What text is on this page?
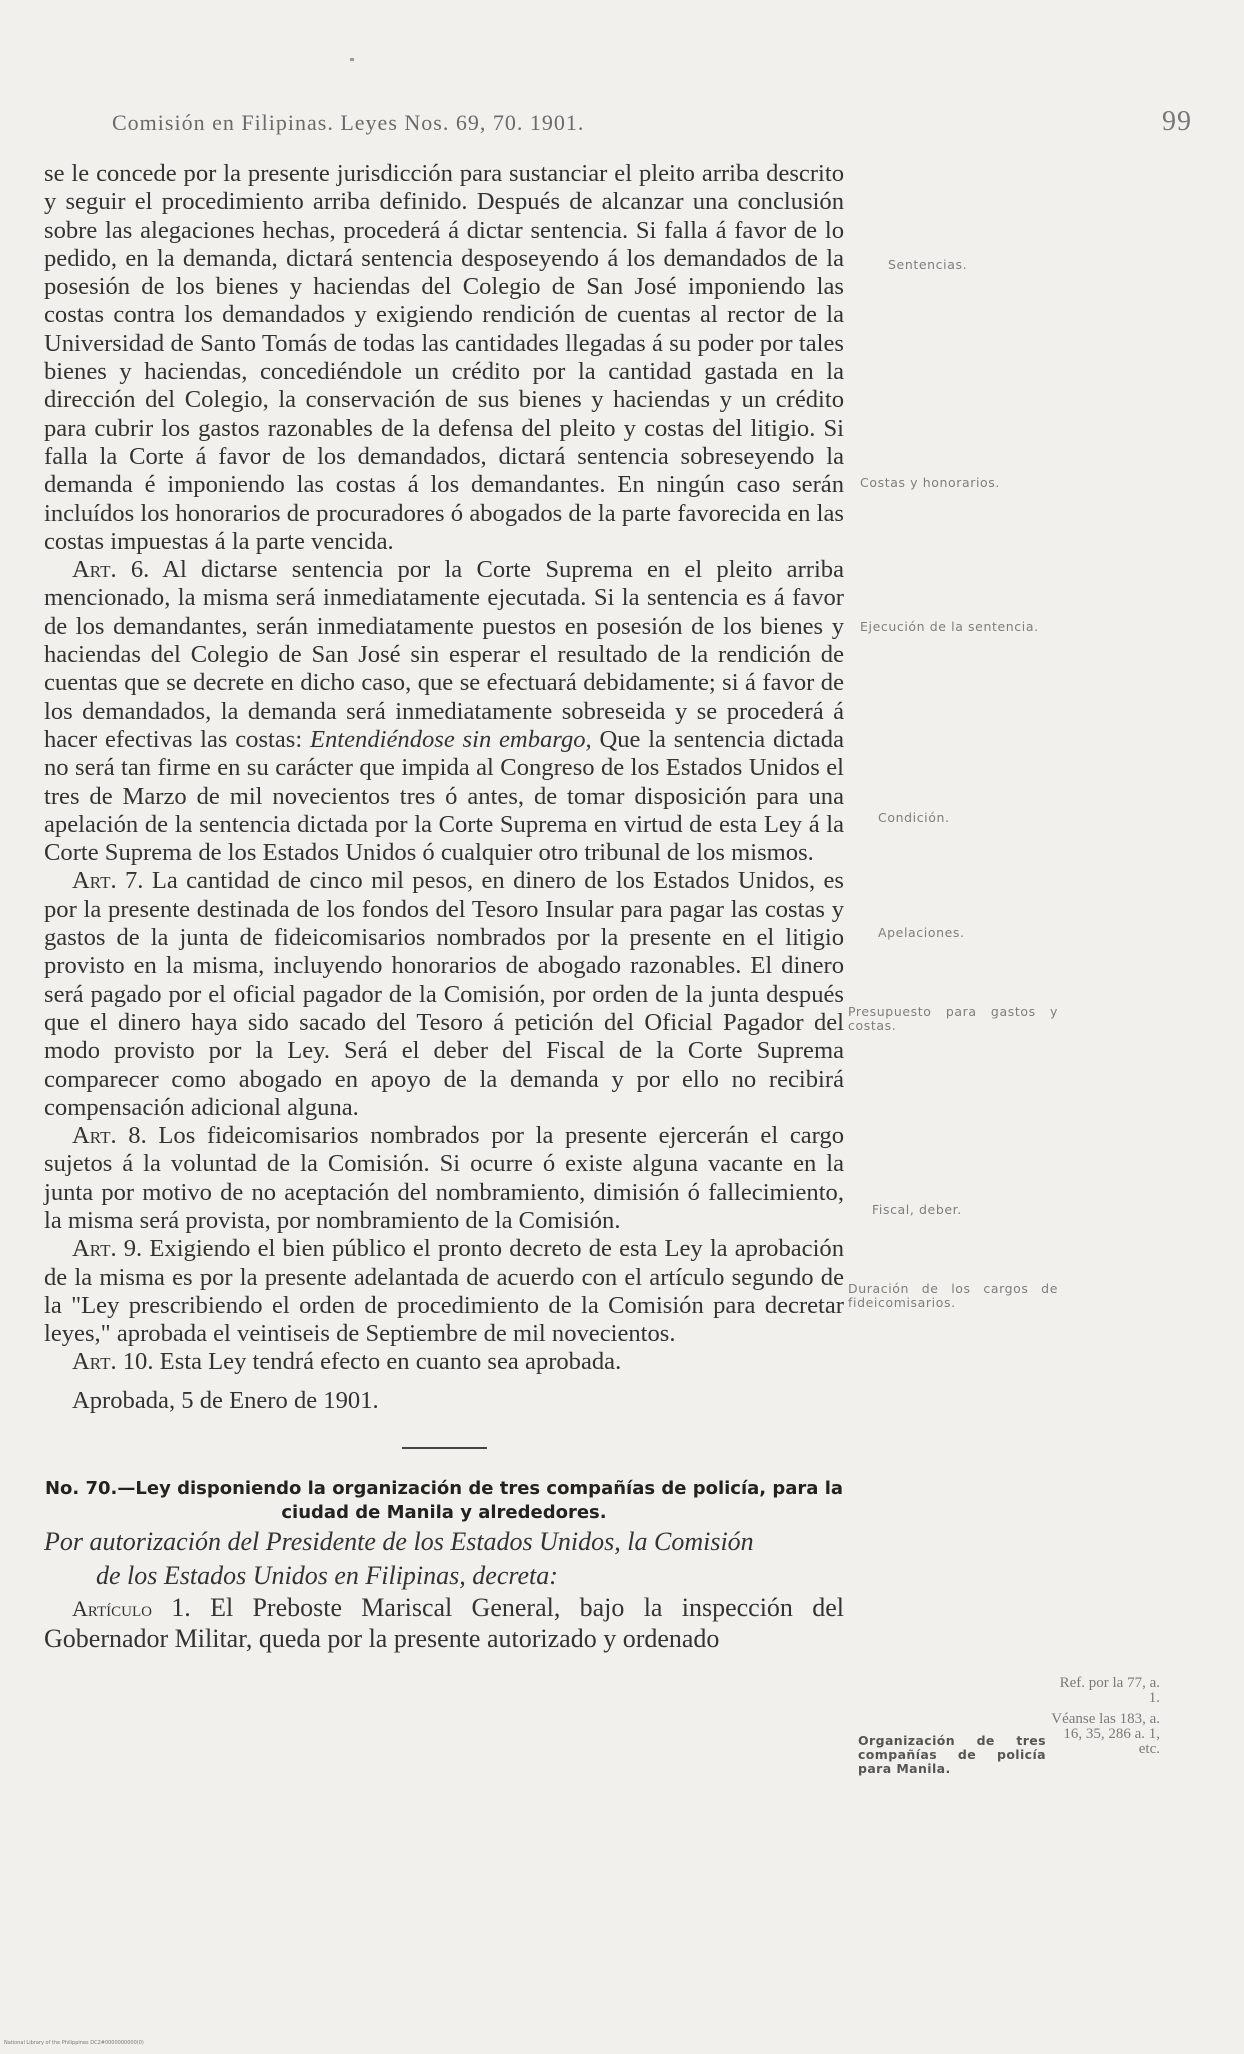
Comisión en Filipinas. Leyes Nos. 69, 70. 1901.	99

se le concede por la presente jurisdicción para sustanciar el pleito arriba descrito y seguir el procedimiento arriba definido. Después de alcanzar una conclusión sobre las alegaciones hechas, procederá á dictar sentencia. Si falla á favor de lo pedido, en la demanda, dictará sentencia desposeyendo á los demandados de la posesión de los bienes y haciendas del Colegio de San José imponiendo las costas contra los demandados y exigiendo rendición de cuentas al rector de la Universidad de Santo Tomás de todas las cantidades llegadas á su poder por tales bienes y haciendas, concediéndole un crédito por la cantidad gastada en la dirección del Colegio, la conservación de sus bienes y haciendas y un crédito para cubrir los gastos razonables de la defensa del pleito y costas del litigio. Si falla la Corte á favor de los demandados, dictará sentencia sobreseyendo la demanda é imponiendo las costas á los demandantes. En ningún caso serán incluídos los honorarios de procuradores ó abogados de la parte favorecida en las costas impuestas á la parte vencida.

Art. 6. Al dictarse sentencia por la Corte Suprema en el pleito arriba mencionado, la misma será inmediatamente ejecutada. Si la sentencia es á favor de los demandantes, serán inmediatamente puestos en posesión de los bienes y haciendas del Colegio de San José sin esperar el resultado de la rendición de cuentas que se decrete en dicho caso, que se efectuará debidamente; si á favor de los demandados, la demanda será inmediatamente sobreseida y se procederá á hacer efectivas las costas: Entendiéndose sin embargo, Que la sentencia dictada no será tan firme en su carácter que impida al Congreso de los Estados Unidos el tres de Marzo de mil novecientos tres ó antes, de tomar disposición para una apelación de la sentencia dictada por la Corte Suprema en virtud de esta Ley á la Corte Suprema de los Estados Unidos ó cualquier otro tribunal de los mismos.

Art. 7. La cantidad de cinco mil pesos, en dinero de los Estados Unidos, es por la presente destinada de los fondos del Tesoro Insular para pagar las costas y gastos de la junta de fideicomisarios nombrados por la presente en el litigio provisto en la misma, incluyendo honorarios de abogado razonables. El dinero será pagado por el oficial pagador de la Comisión, por orden de la junta después que el dinero haya sido sacado del Tesoro á petición del Oficial Pagador del modo provisto por la Ley. Será el deber del Fiscal de la Corte Suprema comparecer como abogado en apoyo de la demanda y por ello no recibirá compensación adicional alguna.

Art. 8. Los fideicomisarios nombrados por la presente ejercerán el cargo sujetos á la voluntad de la Comisión. Si ocurre ó existe alguna vacante en la junta por motivo de no aceptación del nombramiento, dimisión ó fallecimiento, la misma será provista, por nombramiento de la Comisión.

Art. 9. Exigiendo el bien público el pronto decreto de esta Ley la aprobación de la misma es por la presente adelantada de acuerdo con el artículo segundo de la "Ley prescribiendo el orden de procedimiento de la Comisión para decretar leyes," aprobada el veintiseis de Septiembre de mil novecientos.

Art. 10. Esta Ley tendrá efecto en cuanto sea aprobada.

Aprobada, 5 de Enero de 1901.

No. 70.—Ley disponiendo la organización de tres compañías de policía, para la ciudad de Manila y alrededores.

Por autorización del Presidente de los Estados Unidos, la Comisión
de los Estados Unidos en Filipinas, decreta:

Artículo 1. El Preboste Mariscal General, bajo la inspección del Gobernador Militar, queda por la presente autorizado y ordenado

Sentencias.
Costas y honorarios.
Ejecución de la sentencia.
Condición.
Apelaciones.
Presupuesto para gastos y costas.
Fiscal, deber.
Duración de los cargos de fideicomisarios.
Organización de tres compañías de policía para Manila.
Ref. por la 77, a. 1.
Véanse las 183, a. 16, 35, 286 a. 1, etc.
National Library of the Philippines DC2#0000000000(0)
